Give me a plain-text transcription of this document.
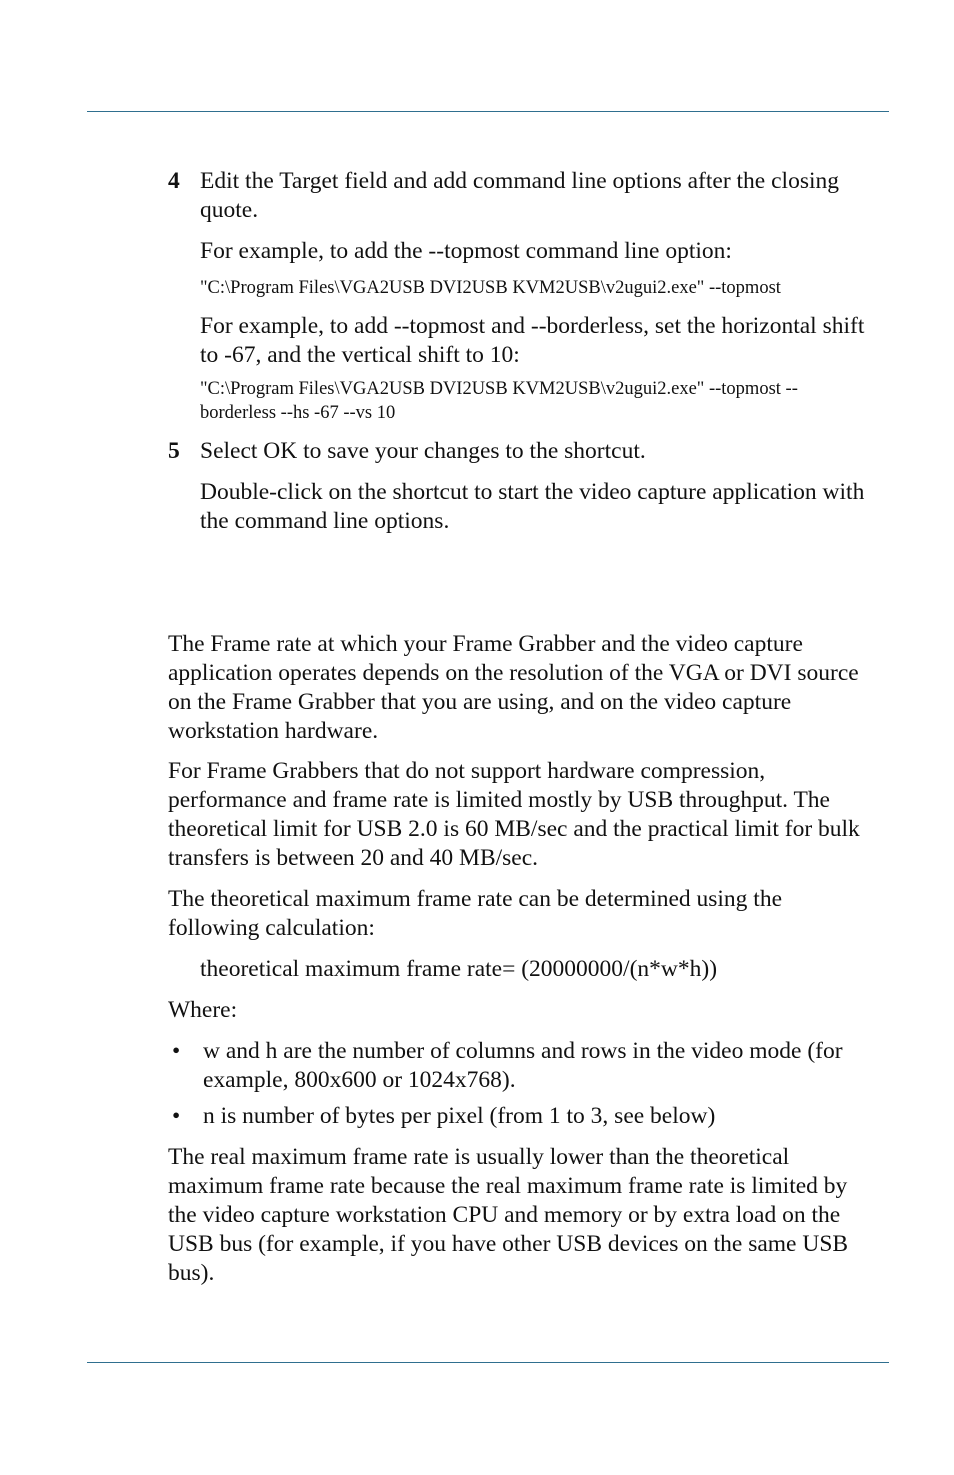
4 Edit the Target field and add command line options after the closing quote.
For example, to add the --topmost command line option:
"C:\Program Files\VGA2USB DVI2USB KVM2USB\v2ugui2.exe" --topmost
For example, to add --topmost and --borderless, set the horizontal shift to -67, and the vertical shift to 10:
"C:\Program Files\VGA2USB DVI2USB KVM2USB\v2ugui2.exe" --topmost --borderless --hs -67 --vs 10
5 Select OK to save your changes to the shortcut.
Double-click on the shortcut to start the video capture application with the command line options.
The Frame rate at which your Frame Grabber and the video capture application operates depends on the resolution of the VGA or DVI source on the Frame Grabber that you are using, and on the video capture workstation hardware.
For Frame Grabbers that do not support hardware compression, performance and frame rate is limited mostly by USB throughput. The theoretical limit for USB 2.0 is 60 MB/sec and the practical limit for bulk transfers is between 20 and 40 MB/sec.
The theoretical maximum frame rate can be determined using the following calculation:
theoretical maximum frame rate= (20000000/(n*w*h))
Where:
• w and h are the number of columns and rows in the video mode (for example, 800x600 or 1024x768).
• n is number of bytes per pixel (from 1 to 3, see below)
The real maximum frame rate is usually lower than the theoretical maximum frame rate because the real maximum frame rate is limited by the video capture workstation CPU and memory or by extra load on the USB bus (for example, if you have other USB devices on the same USB bus).
